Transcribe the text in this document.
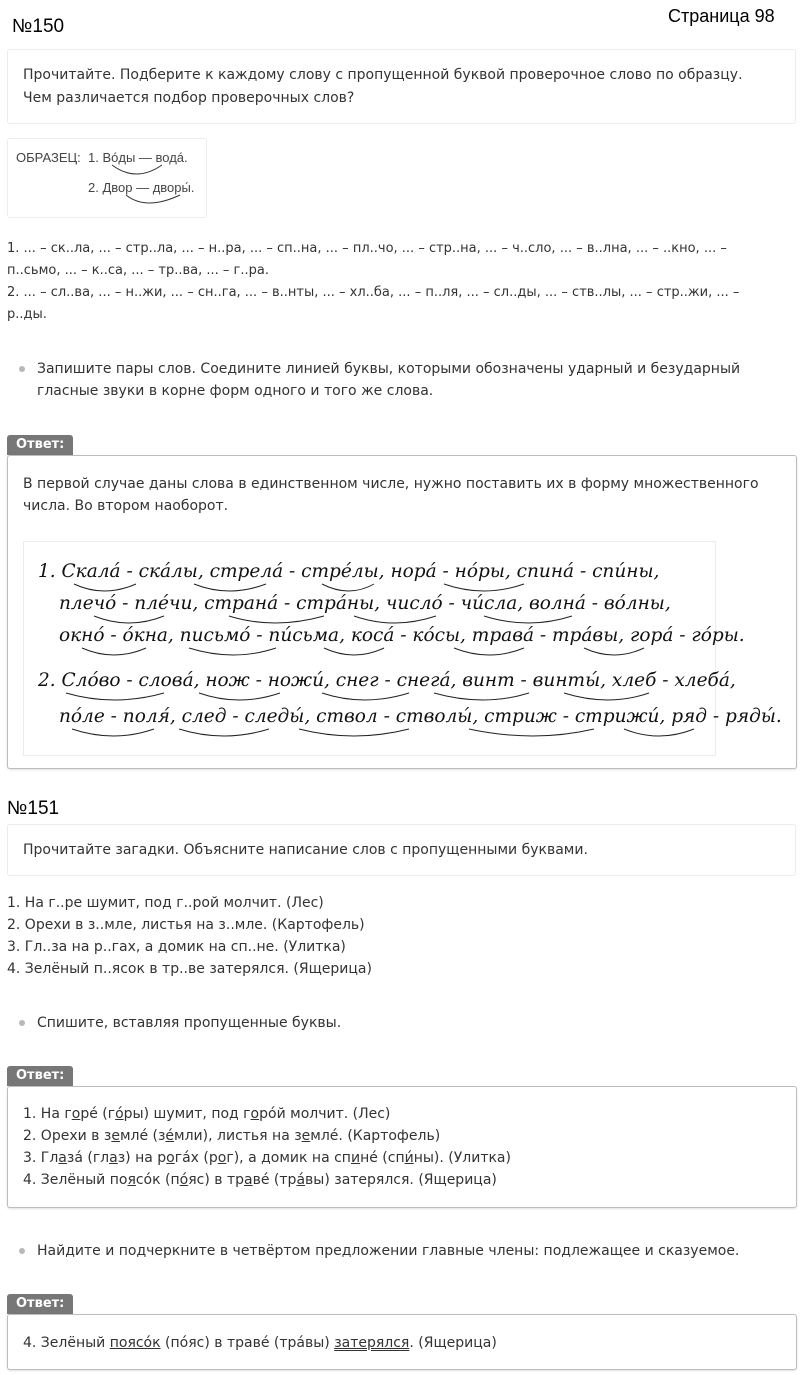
№150	Страница 98

Прочитайте. Подберите к каждому слову с пропущенной буквой проверочное слово по образцу.

Чем различается подбор проверочных слов?

ОБРАЗЕЦ: 1. Вóды — водá.
2. Двор — дворы́.
1. ... – ск..ла, ... – стр..ла, ... – н..ра, ... – сп..на, ... – пл..чо, ... – стр..на, ... – ч..сло, ... – в..лна, ... – ..кно, ... –
п..сьмо, ... – к..са, ... – тр..ва, ... – г..ра.
2. ... – сл..ва, ... – н..жи, ... – сн..га, ... – в..нты, ... – хл..ба, ... – п..ля, ... – сл..ды, ... – ств..лы, ... – стр..жи, ... –
р..ды.
Запишите пары слов. Соедините линией буквы, которыми обозначены ударный и безударный
гласные звуки в корне форм одного и того же слова.
Ответ:
В первой случае даны слова в единственном числе, нужно поставить их в форму множественного
числа. Во втором наоборот.
1. Скалá - скáлы, стрелá - стрéлы, норá - нóры, спинá - спи́ны,
плечó - плéчи, странá - стрáны, числó - чи́сла, волнá - вóлны,
окнó - óкна, письмó - пи́сьма, косá - кóсы, травá - трáвы, горá - гóры.
2. Слóво - словá, нож - ножи́, снег - снегá, винт - винты́, хлеб - хлебá,
пóле - поля́, след - следы́, ствол - стволы́, стриж - стрижи́, ряд - ряды́.
№151

Прочитайте загадки. Объясните написание слов с пропущенными буквами.

1. На г..ре шумит, под г..рой молчит. (Лес)
2. Орехи в з..мле, листья на з..мле. (Картофель)
3. Гл..за на р..гах, а домик на сп..не. (Улитка)
4. Зелёный п..ясок в тр..ве затерялся. (Ящерица)
Спишите, вставляя пропущенные буквы.
Ответ:
1. На горé (гóры) шумит, под горóй молчит. (Лес)
2. Орехи в землé (зéмли), листья на землé. (Картофель)
3. Глазá (глаз) на рогáх (рог), а домик на спинé (спи́ны). (Улитка)
4. Зелёный поясóк (пóяс) в травé (трáвы) затерялся. (Ящерица)
Найдите и подчеркните в четвёртом предложении главные члены: подлежащее и сказуемое.
Ответ:
4. Зелёный поясóк (пóяс) в травé (трáвы) затерялся. (Ящерица)
